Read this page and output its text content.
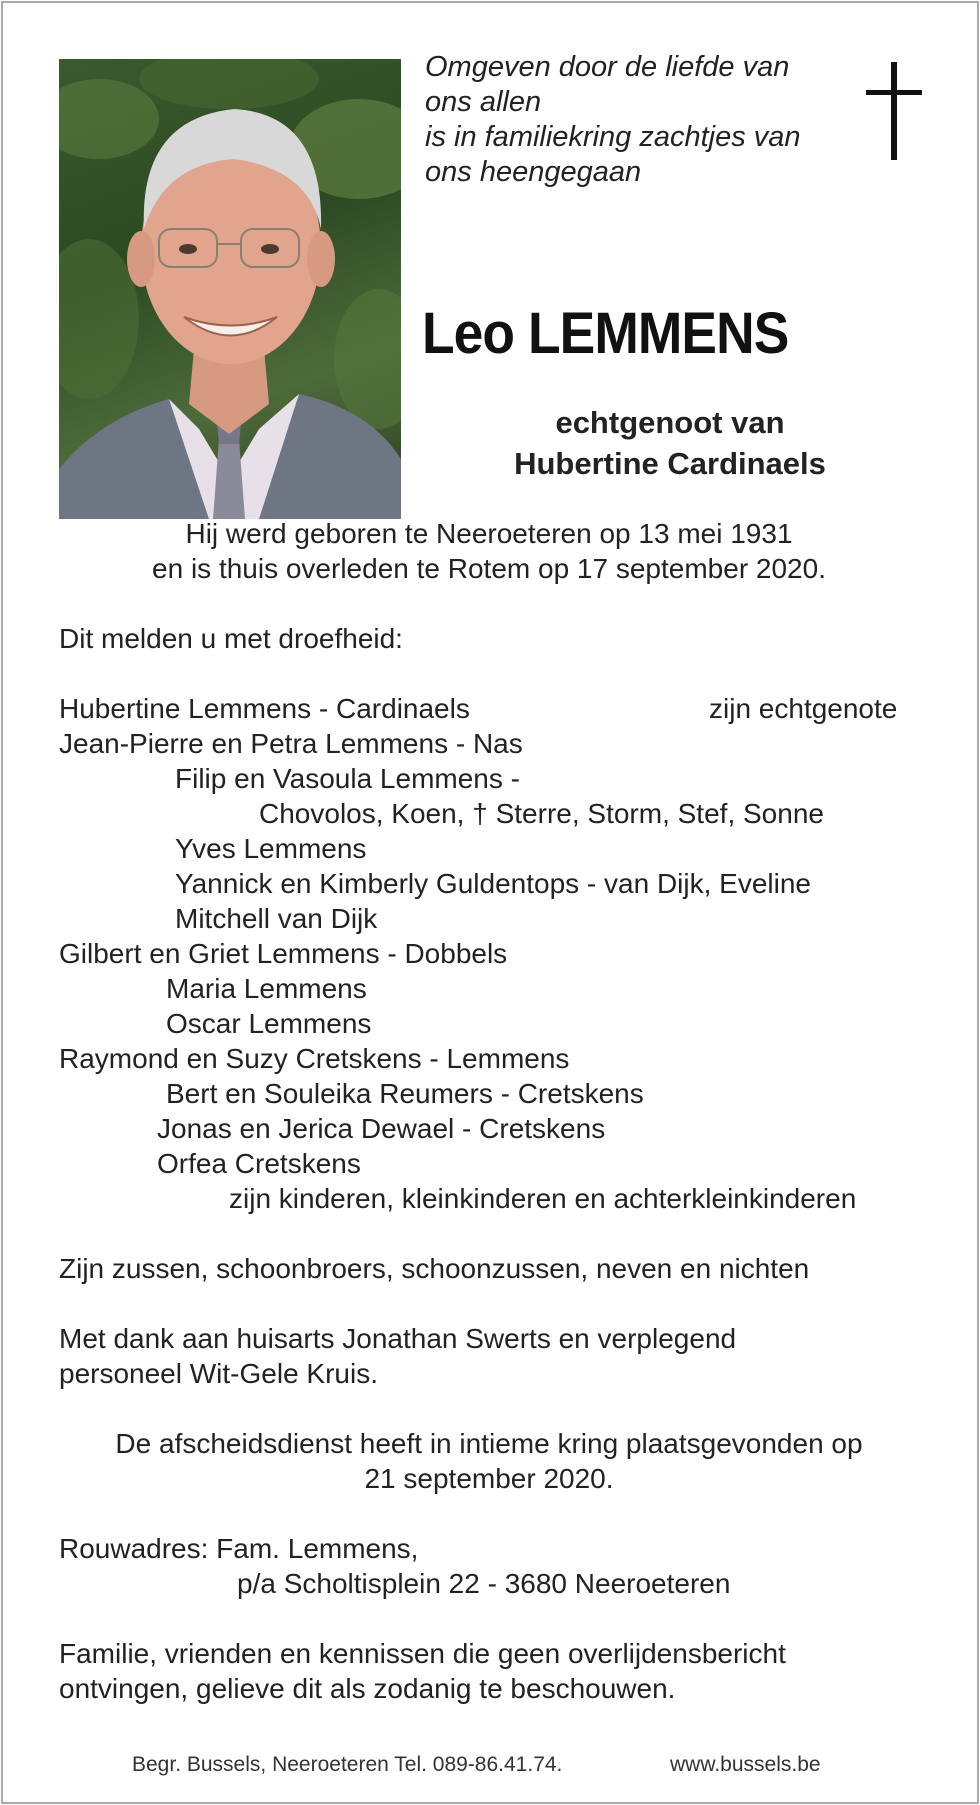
Omgeven door de liefde van
ons allen
is in familiekring zachtjes van
ons heengegaan
Leo LEMMENS
echtgenoot van
Hubertine Cardinaels
Hij werd geboren te Neeroeteren op 13 mei 1931
en is thuis overleden te Rotem op 17 september 2020.
Dit melden u met droefheid:
Hubertine Lemmens - Cardinaels	zijn echtgenote
Jean-Pierre en Petra Lemmens - Nas
Filip en Vasoula Lemmens -
Chovolos, Koen, † Sterre, Storm, Stef, Sonne
Yves Lemmens
Yannick en Kimberly Guldentops - van Dijk, Eveline
Mitchell van Dijk
Gilbert en Griet Lemmens - Dobbels
Maria Lemmens
Oscar Lemmens
Raymond en Suzy Cretskens - Lemmens
Bert en Souleika Reumers - Cretskens
Jonas en Jerica Dewael - Cretskens
Orfea Cretskens
zijn kinderen, kleinkinderen en achterkleinkinderen
Zijn zussen, schoonbroers, schoonzussen, neven en nichten
Met dank aan huisarts Jonathan Swerts en verplegend
personeel Wit-Gele Kruis.
De afscheidsdienst heeft in intieme kring plaatsgevonden op
21 september 2020.
Rouwadres: Fam. Lemmens,
p/a Scholtisplein 22 - 3680 Neeroeteren
Familie, vrienden en kennissen die geen overlijdensbericht
ontvingen, gelieve dit als zodanig te beschouwen.
Begr. Bussels, Neeroeteren Tel. 089-86.41.74.	www.bussels.be
